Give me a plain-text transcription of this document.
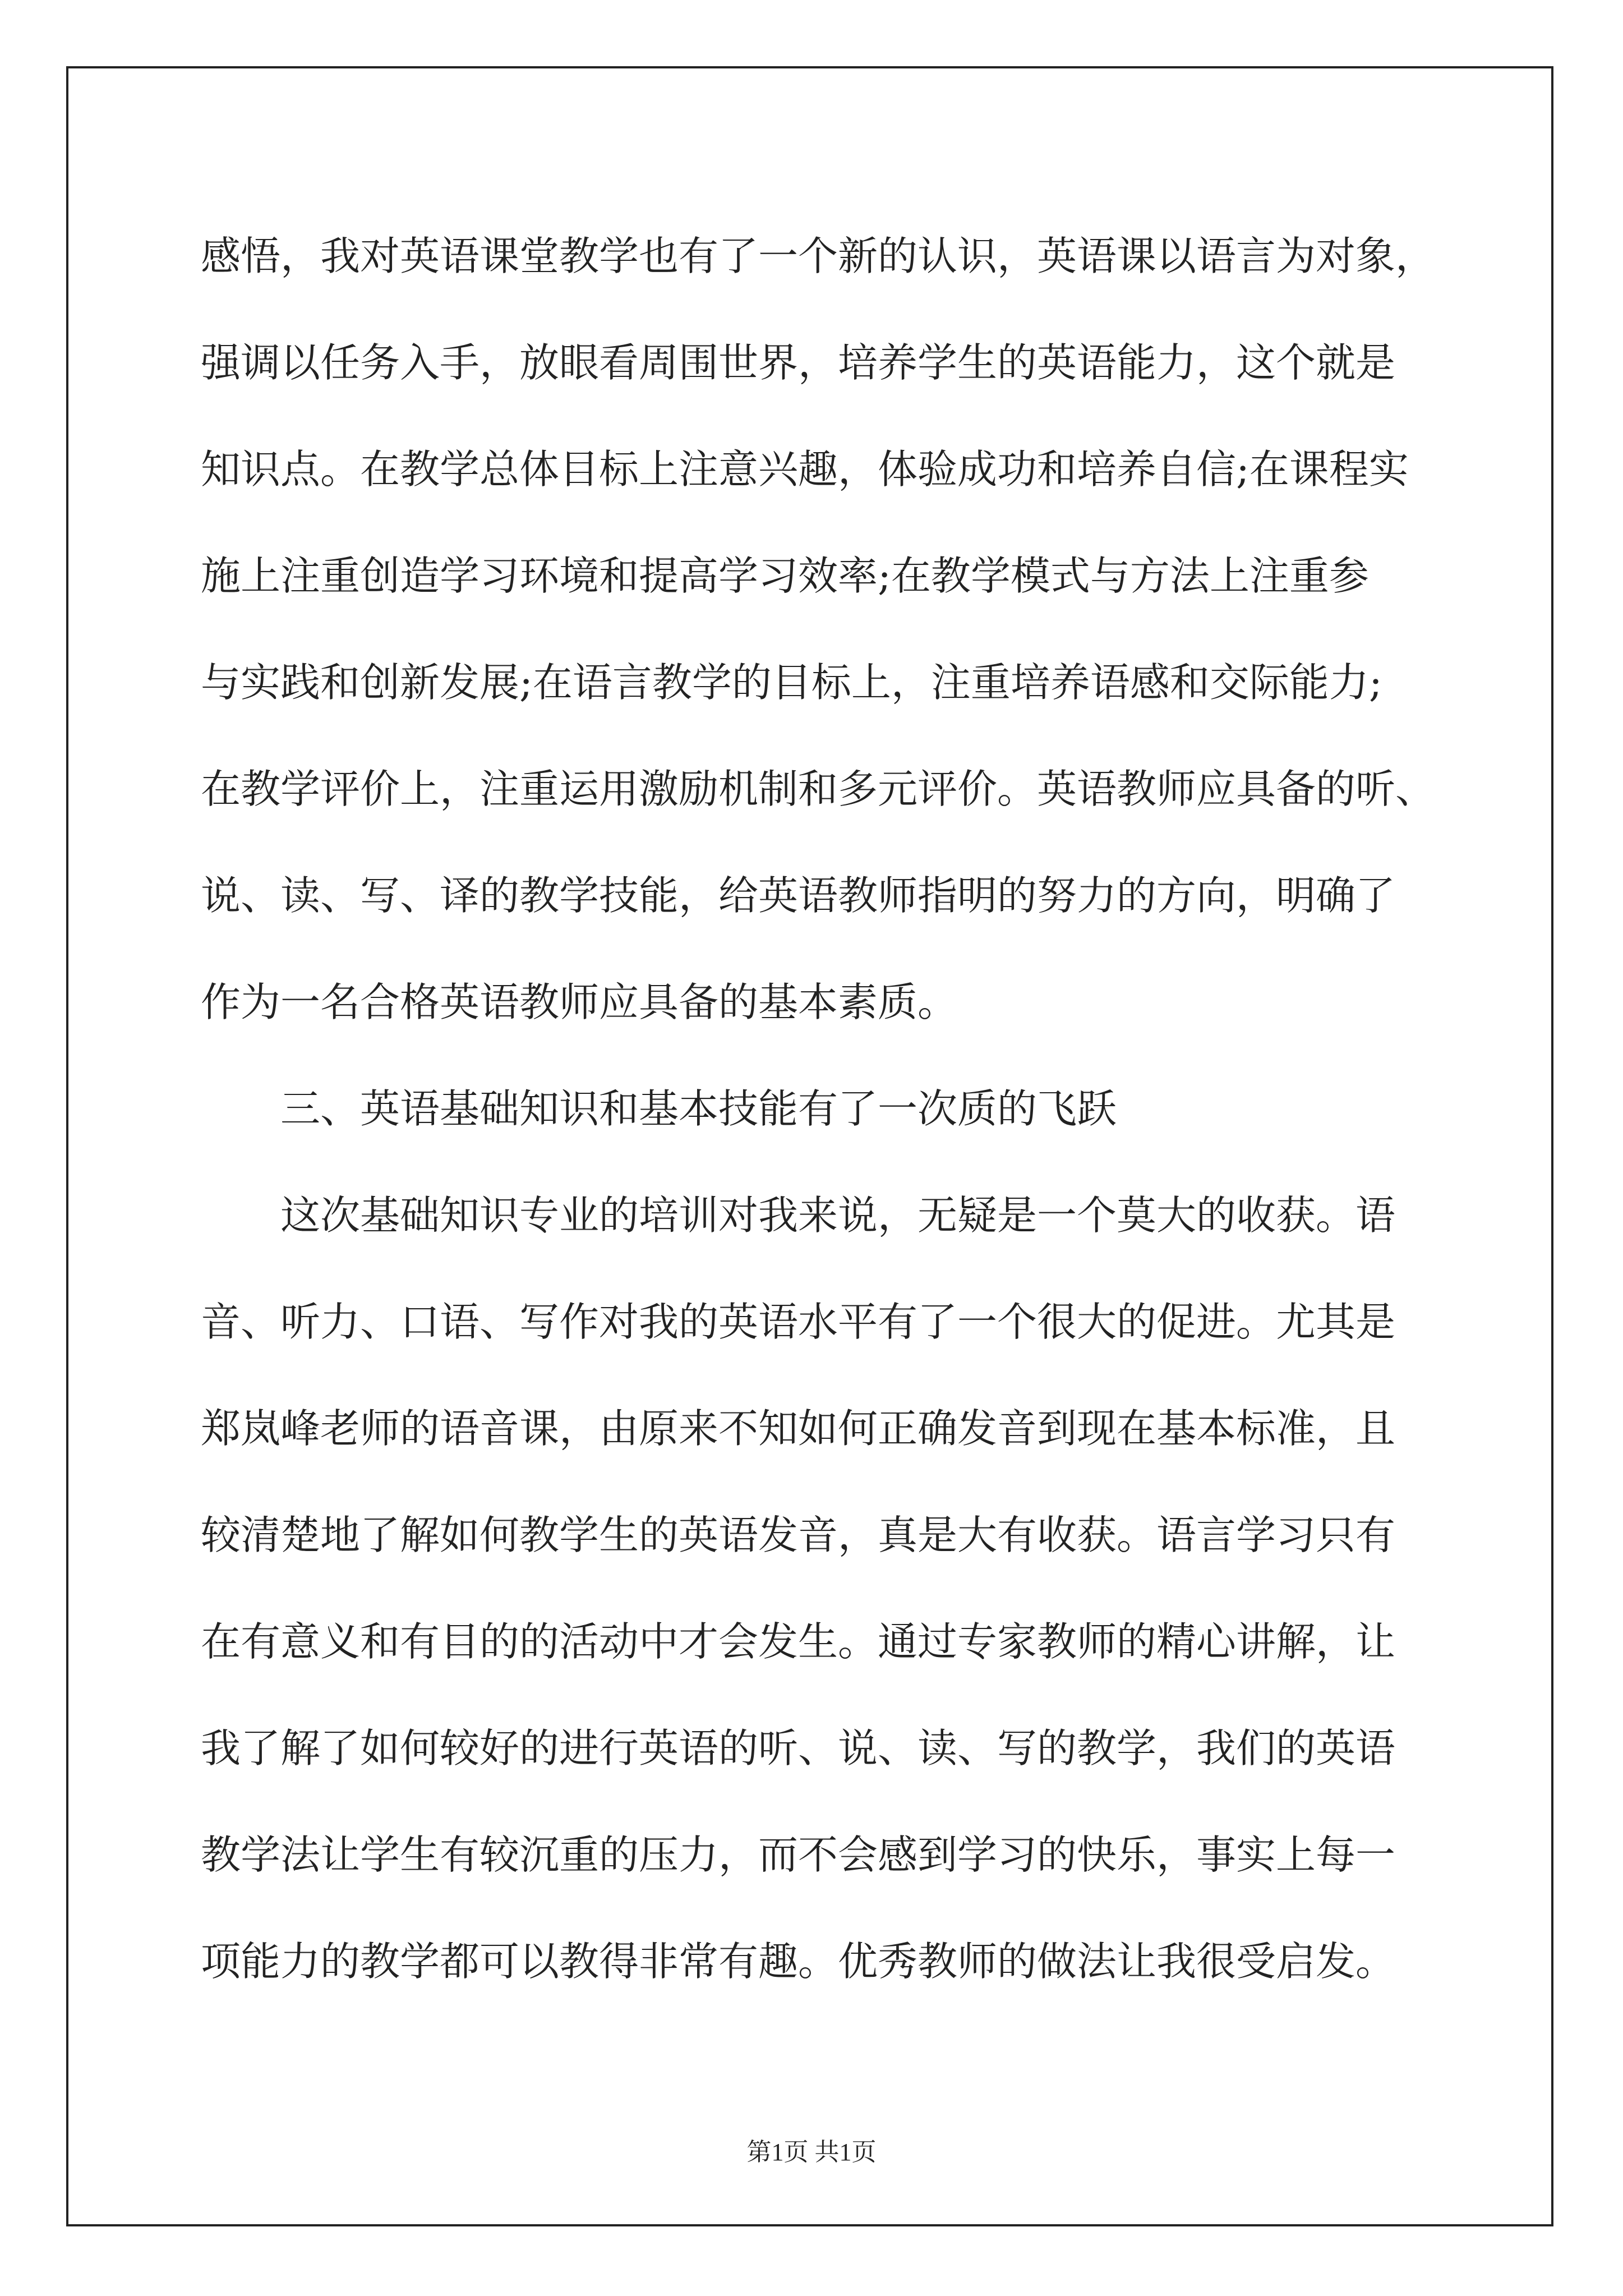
感悟，我对英语课堂教学也有了一个新的认识，英语课以语言为对象，
强调以任务入手，放眼看周围世界，培养学生的英语能力，这个就是
知识点。在教学总体目标上注意兴趣，体验成功和培养自信;在课程实
施上注重创造学习环境和提高学习效率;在教学模式与方法上注重参
与实践和创新发展;在语言教学的目标上，注重培养语感和交际能力;
在教学评价上，注重运用激励机制和多元评价。英语教师应具备的听、
说、读、写、译的教学技能，给英语教师指明的努力的方向，明确了
作为一名合格英语教师应具备的基本素质。
三、英语基础知识和基本技能有了一次质的飞跃
这次基础知识专业的培训对我来说，无疑是一个莫大的收获。语
音、听力、口语、写作对我的英语水平有了一个很大的促进。尤其是
郑岚峰老师的语音课，由原来不知如何正确发音到现在基本标准，且
较清楚地了解如何教学生的英语发音，真是大有收获。语言学习只有
在有意义和有目的的活动中才会发生。通过专家教师的精心讲解，让
我了解了如何较好的进行英语的听、说、读、写的教学，我们的英语
教学法让学生有较沉重的压力，而不会感到学习的快乐，事实上每一
项能力的教学都可以教得非常有趣。优秀教师的做法让我很受启发。
第1页 共1页
